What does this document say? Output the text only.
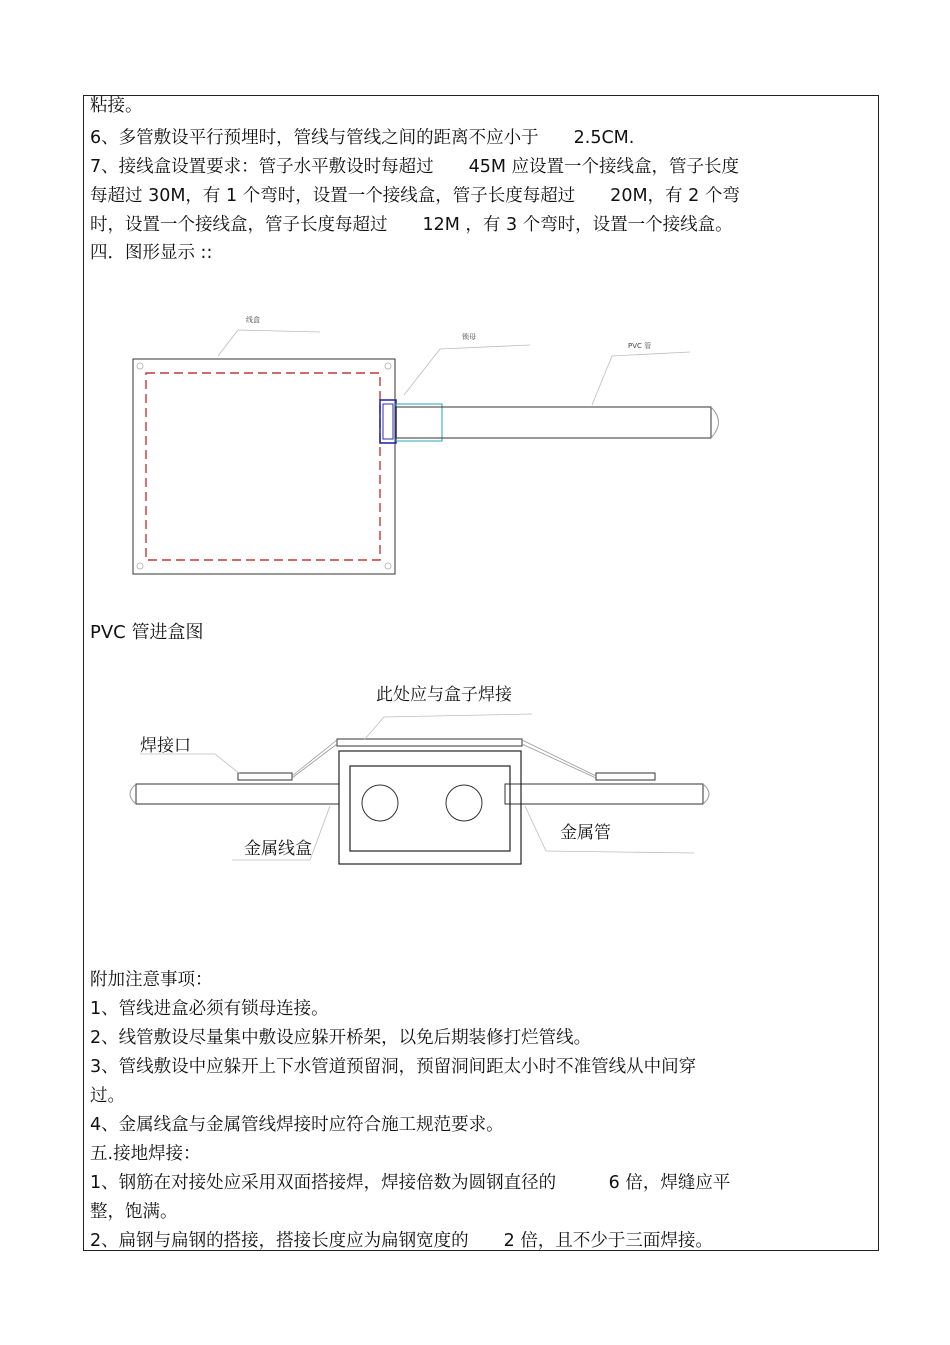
粘接。
6、多管敷设平行预埋时，管线与管线之间的距离不应小于　　2.5CM.
7、接线盒设置要求：管子水平敷设时每超过　　45M 应设置一个接线盒，管子长度
每超过 30M，有 1 个弯时，设置一个接线盒，管子长度每超过　　20M，有 2 个弯
时，设置一个接线盒，管子长度每超过　　12M ，有 3 个弯时，设置一个接线盒。
四．图形显示 ::
线盒
锁母
PVC 管
此处应与盒子焊接
焊接口
金属管
金属线盒
PVC 管进盒图
附加注意事项：
1、管线进盒必须有锁母连接。
2、线管敷设尽量集中敷设应躲开桥架，以免后期装修打烂管线。
3、管线敷设中应躲开上下水管道预留洞，预留洞间距太小时不准管线从中间穿
过。
4、金属线盒与金属管线焊接时应符合施工规范要求。
五.接地焊接：
1、钢筋在对接处应采用双面搭接焊，焊接倍数为圆钢直径的　　　6 倍，焊缝应平
整，饱满。
2、扁钢与扁钢的搭接，搭接长度应为扁钢宽度的　　2 倍，且不少于三面焊接。
